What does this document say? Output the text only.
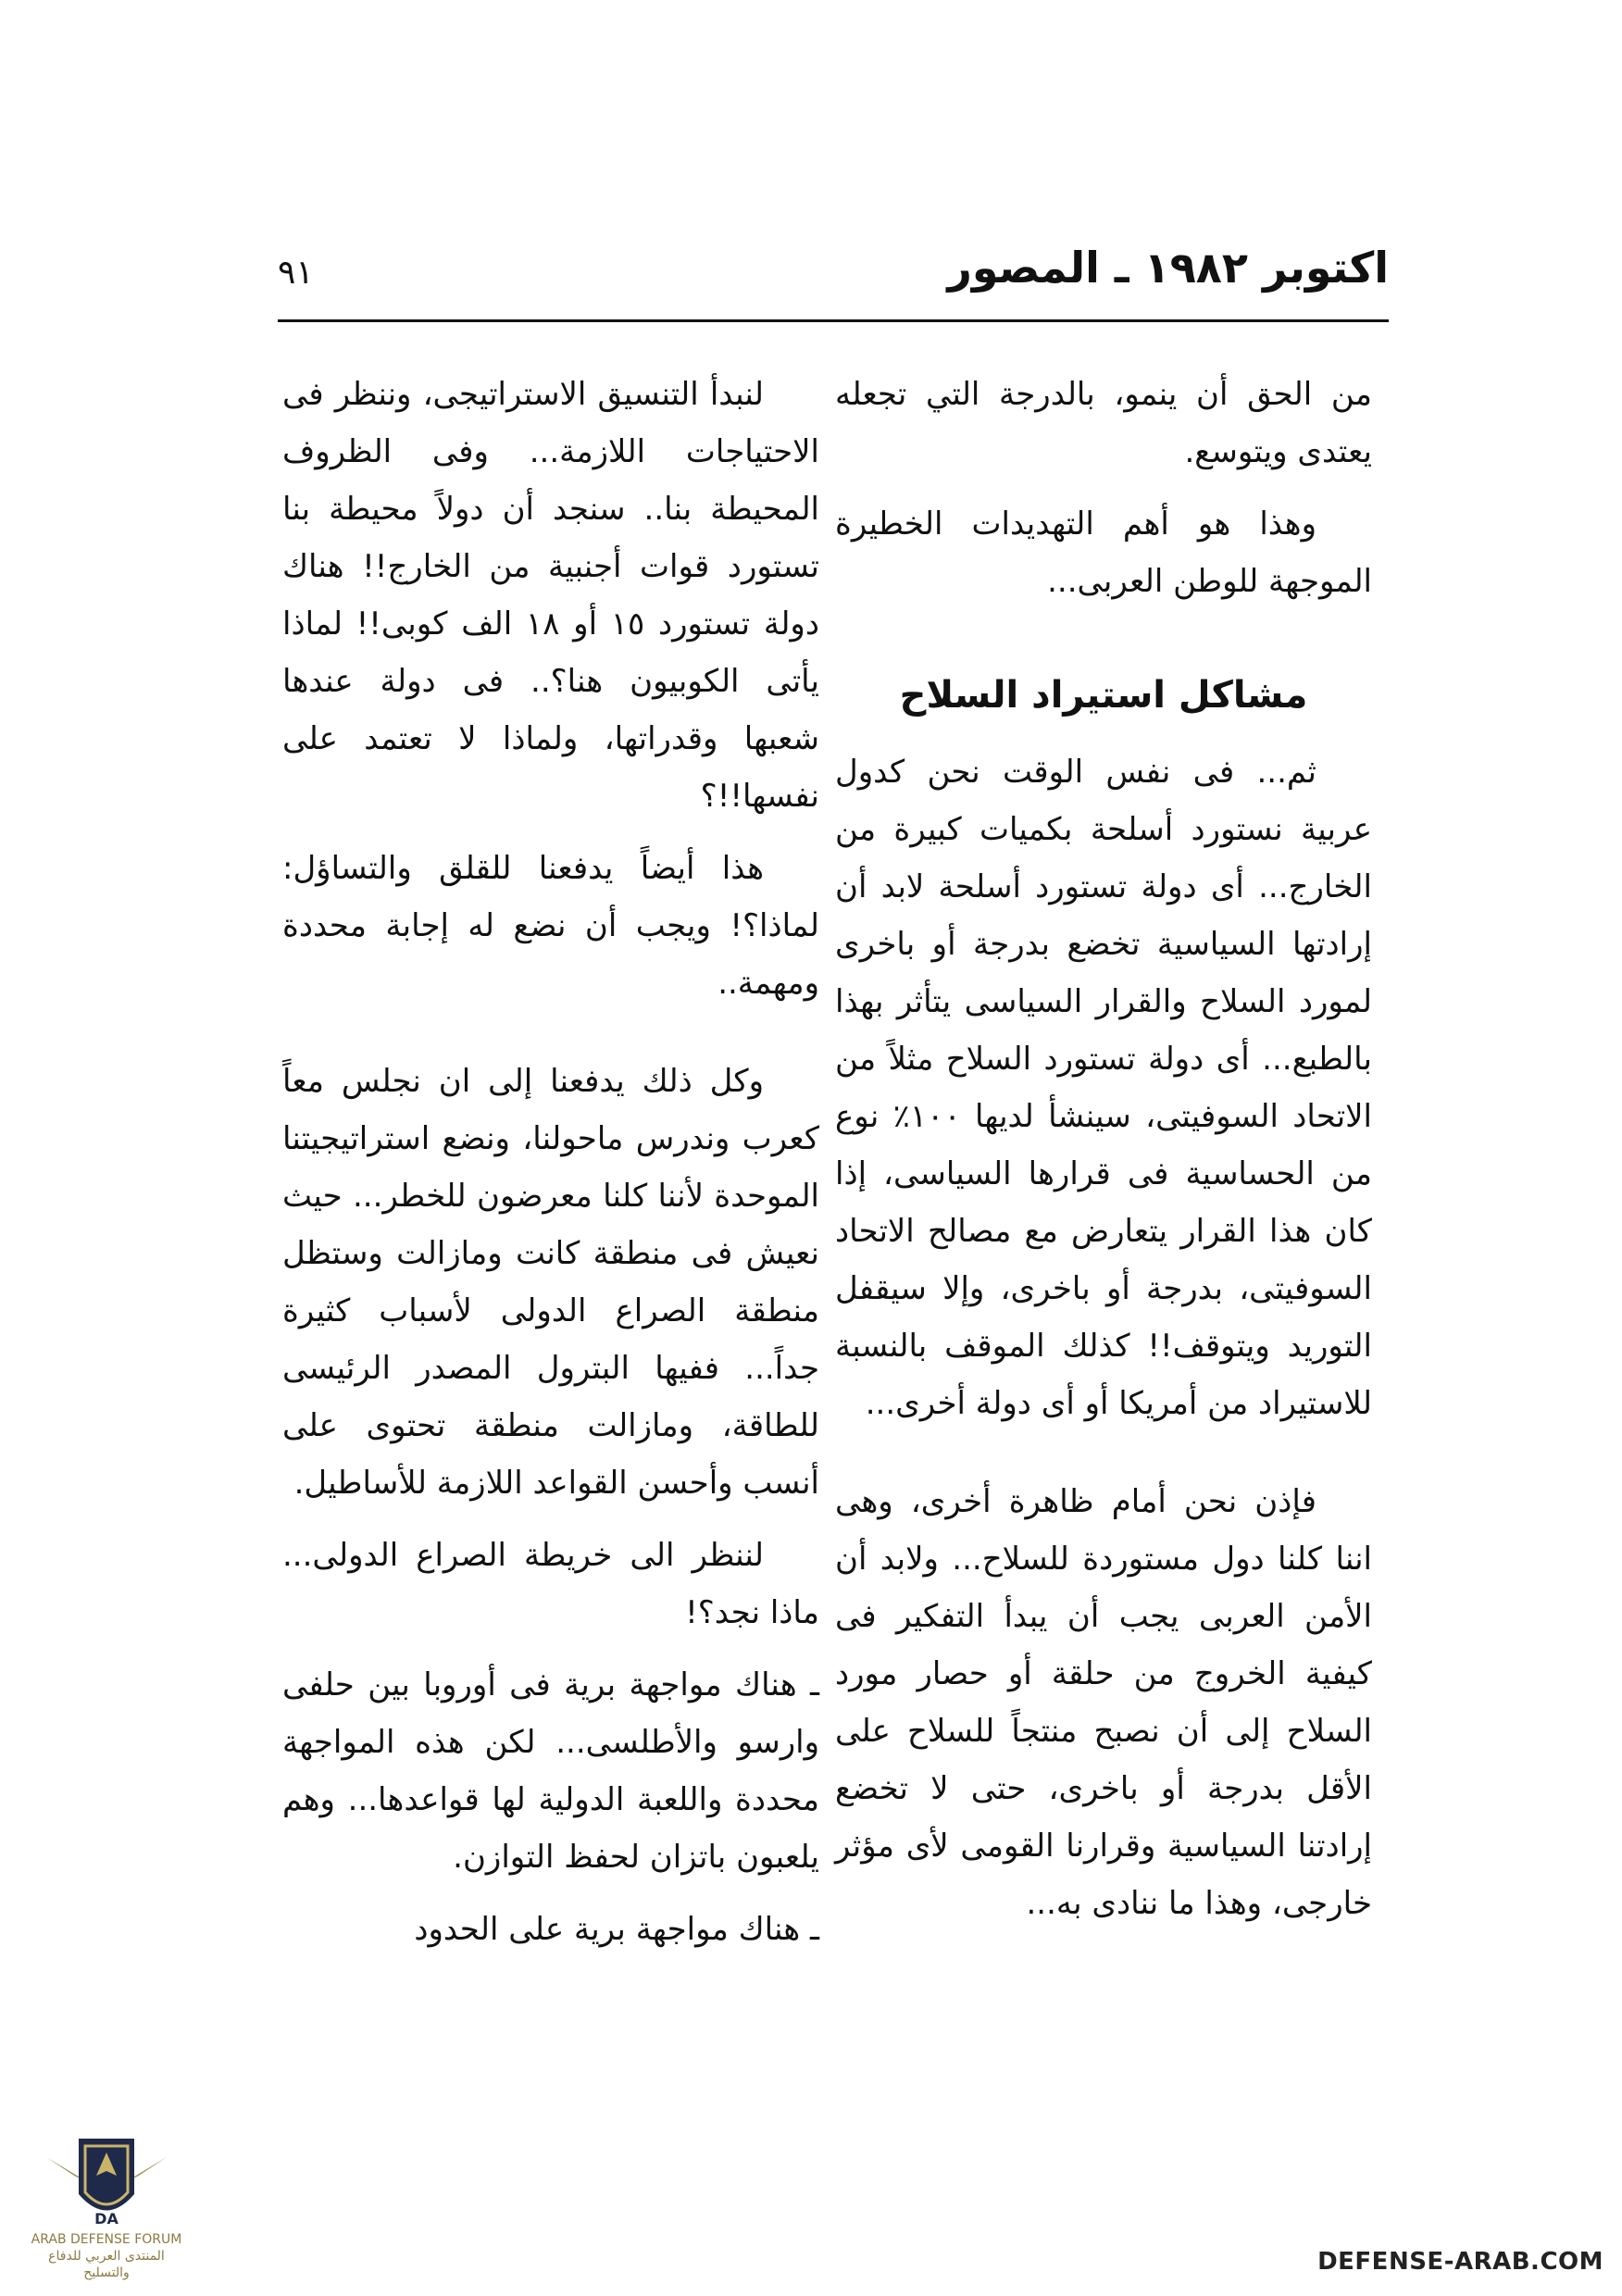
اكتوبر ١٩٨٢ ـ المصور
٩١

من الحق أن ينمو، بالدرجة التي تجعله يعتدى ويتوسع.

وهذا هو أهم التهديدات الخطيرة الموجهة للوطن العربى...

مشاكل استيراد السلاح

ثم... فى نفس الوقت نحن كدول عربية نستورد أسلحة بكميات كبيرة من الخارج... أى دولة تستورد أسلحة لابد أن إرادتها السياسية تخضع بدرجة أو باخرى لمورد السلاح والقرار السياسى يتأثر بهذا بالطبع... أى دولة تستورد السلاح مثلاً من الاتحاد السوفيتى، سينشأ لديها ١٠٠٪ نوع من الحساسية فى قرارها السياسى، إذا كان هذا القرار يتعارض مع مصالح الاتحاد السوفيتى، بدرجة أو باخرى، وإلا سيقفل التوريد ويتوقف!! كذلك الموقف بالنسبة للاستيراد من أمريكا أو أى دولة أخرى...

فإذن نحن أمام ظاهرة أخرى، وهى اننا كلنا دول مستوردة للسلاح... ولابد أن الأمن العربى يجب أن يبدأ التفكير فى كيفية الخروج من حلقة أو حصار مورد السلاح إلى أن نصبح منتجاً للسلاح على الأقل بدرجة أو باخرى، حتى لا تخضع إرادتنا السياسية وقرارنا القومى لأى مؤثر خارجى، وهذا ما ننادى به...

لنبدأ التنسيق الاستراتيجى، وننظر فى الاحتياجات اللازمة... وفى الظروف المحيطة بنا.. سنجد أن دولاً محيطة بنا تستورد قوات أجنبية من الخارج!! هناك دولة تستورد ١٥ أو ١٨ الف كوبى!! لماذا يأتى الكوبيون هنا؟.. فى دولة عندها شعبها وقدراتها، ولماذا لا تعتمد على نفسها!!؟

هذا أيضاً يدفعنا للقلق والتساؤل: لماذا؟! ويجب أن نضع له إجابة محددة ومهمة..

وكل ذلك يدفعنا إلى ان نجلس معاً كعرب وندرس ماحولنا، ونضع استراتيجيتنا الموحدة لأننا كلنا معرضون للخطر... حيث نعيش فى منطقة كانت ومازالت وستظل منطقة الصراع الدولى لأسباب كثيرة جداً... ففيها البترول المصدر الرئيسى للطاقة، ومازالت منطقة تحتوى على أنسب وأحسن القواعد اللازمة للأساطيل.

لننظر الى خريطة الصراع الدولى... ماذا نجد؟!

ـ هناك مواجهة برية فى أوروبا بين حلفى وارسو والأطلسى... لكن هذه المواجهة محددة واللعبة الدولية لها قواعدها... وهم يلعبون باتزان لحفظ التوازن.

ـ هناك مواجهة برية على الحدود

DA
ARAB DEFENSE FORUM
المنتدى العربي للدفاع والتسليح	DEFENSE-ARAB.COM
